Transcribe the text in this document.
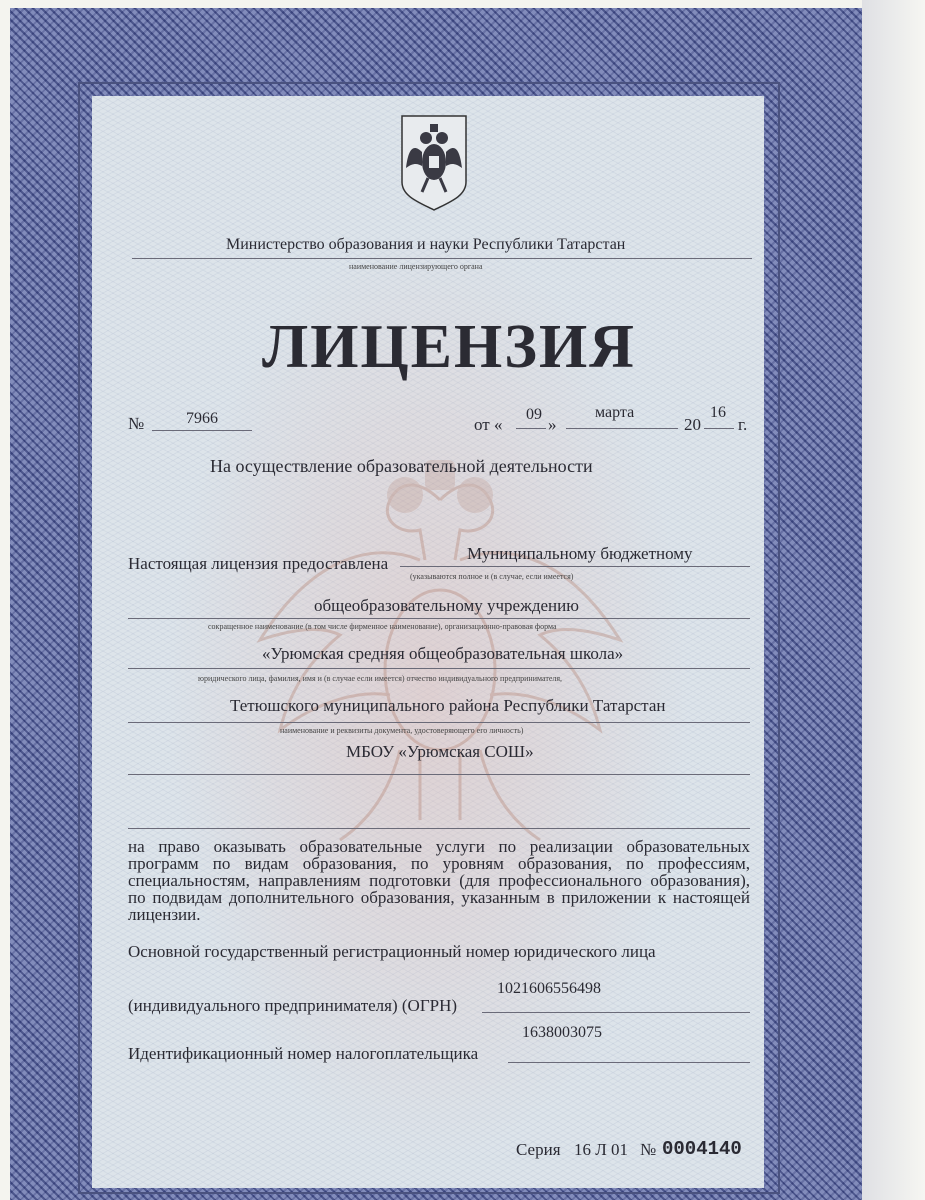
Министерство образования и науки Республики Татарстан
наименование лицензирующего органа
ЛИЦЕНЗИЯ
№	7966	от «
09
»
марта
20
16
г.
На осуществление образовательной деятельности
Настоящая лицензия предоставлена
Муниципальному бюджетному
(указываются полное и (в случае, если имеется)
общеобразовательному учреждению
сокращенное наименование (в том числе фирменное наименование), организационно-правовая форма
«Урюмская средняя общеобразовательная школа»
юридического лица, фамилия, имя и (в случае если имеется) отчество индивидуального предпринимателя,
Тетюшского муниципального района Республики Татарстан
наименование и реквизиты документа, удостоверяющего его личность)
МБОУ «Урюмская СОШ»
на право оказывать образовательные услуги по реализации образовательных программ по видам образования, по уровням образования, по профессиям, специальностям, направлениям подготовки (для профессионального образования), по подвидам дополнительного образования, указанным в приложении к настоящей лицензии.
Основной государственный регистрационный номер юридического лица
1021606556498
(индивидуального предпринимателя) (ОГРН)
1638003075
Идентификационный номер налогоплательщика
Серия 16 Л 01 № 0004140
